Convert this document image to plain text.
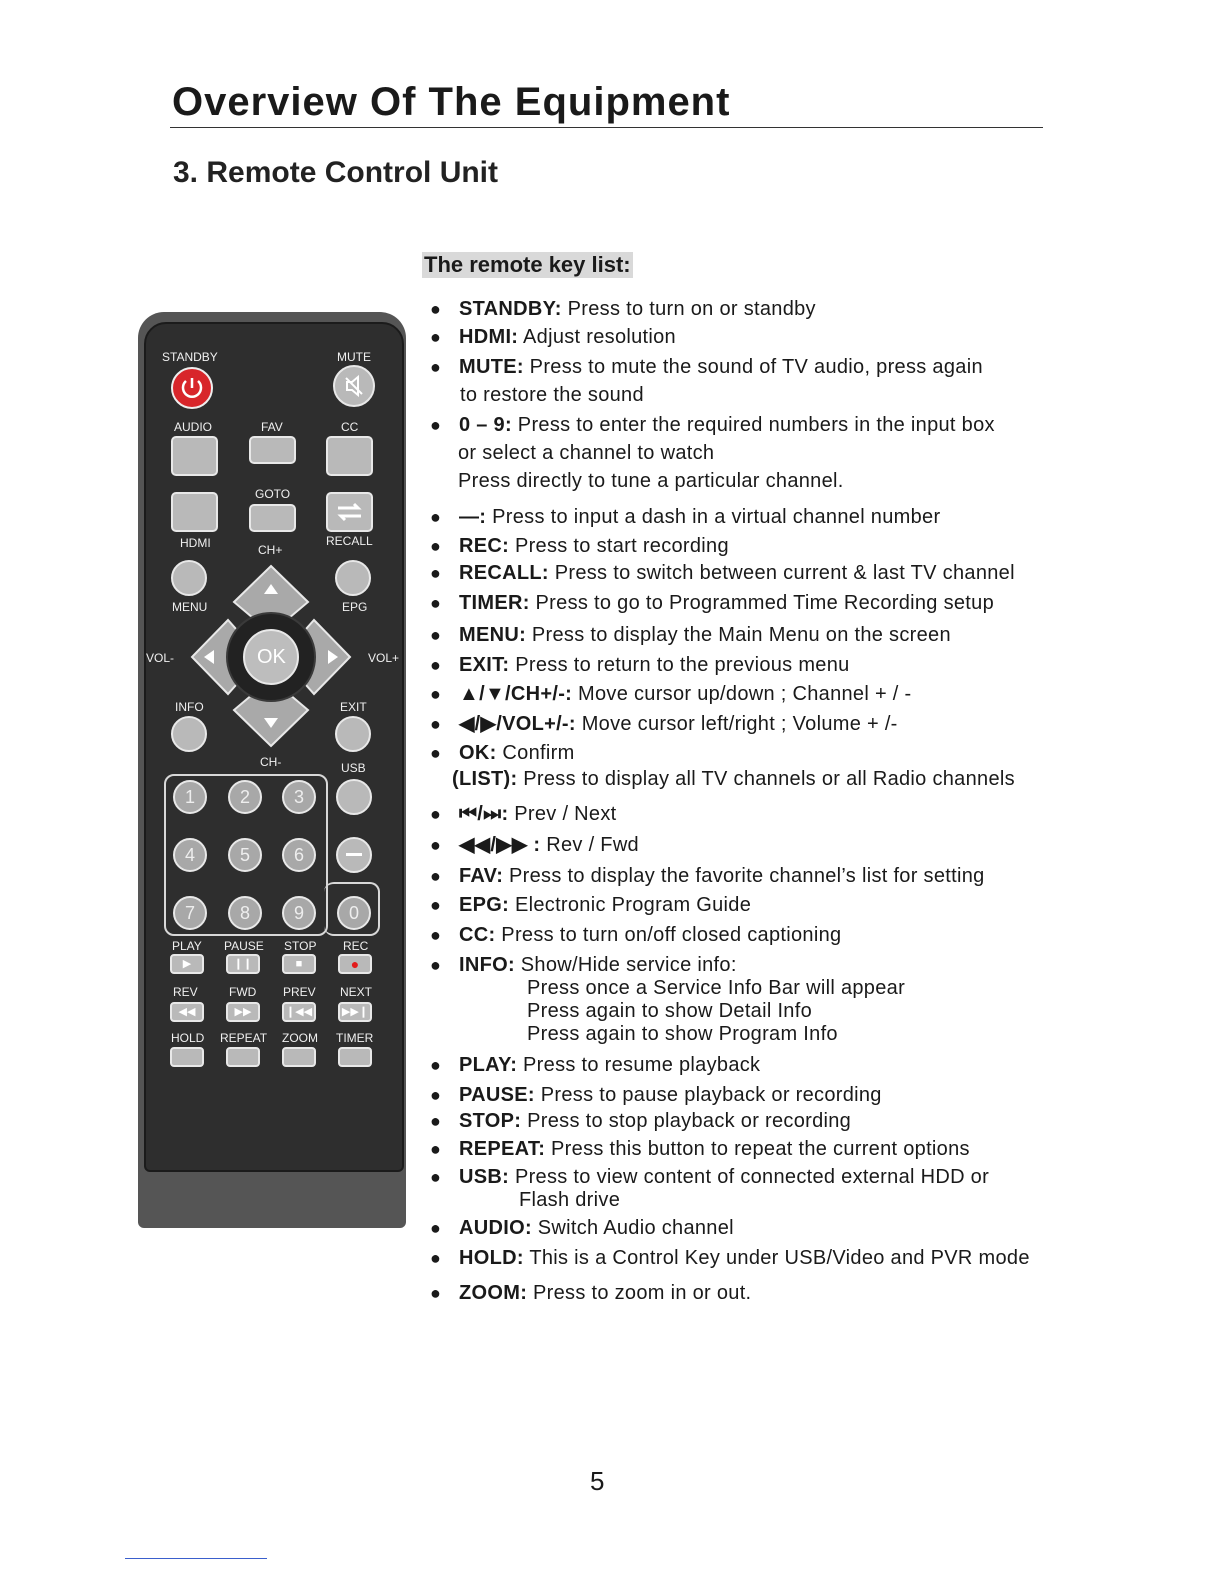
Overview Of The Equipment
3. Remote Control Unit
STANDBY	MUTE
AUDIO	FAV	CC
GOTO
HDMI	CH+
RECALL
MENU	EPG
OK
VOL-	VOL+
INFO	EXIT
CH-	USB
1	2	3
4	5	6
7	8	9	0
PLAY PAUSE STOP REC
▶	❙❙	■	●
REV	FWD PREV NEXT
◀◀	▶▶	❙◀◀	▶▶❙
HOLD REPEAT ZOOM TIMER
The remote key list:
● STANDBY: Press to turn on or standby
● HDMI: Adjust resolution
● MUTE: Press to mute the sound of TV audio, press again
to restore the sound
● 0 – 9: Press to enter the required numbers in the input box
or select a channel to watch
Press directly to tune a particular channel.
● —: Press to input a dash in a virtual channel number
● REC: Press to start recording
● RECALL: Press to switch between current & last TV channel
● TIMER: Press to go to Programmed Time Recording setup
● MENU: Press to display the Main Menu on the screen
● EXIT: Press to return to the previous menu
● ▲/▼/CH+/-: Move cursor up/down ; Channel + / -
● ◀/▶/VOL+/-: Move cursor left/right ; Volume + /-
● OK: Confirm
(LIST): Press to display all TV channels or all Radio channels
● ⏮/⏭: Prev / Next
● ◀◀/▶▶ : Rev / Fwd
● FAV: Press to display the favorite channel’s list for setting
● EPG: Electronic Program Guide
● CC: Press to turn on/off closed captioning
● INFO: Show/Hide service info:
Press once a Service Info Bar will appear
Press again to show Detail Info
Press again to show Program Info
● PLAY: Press to resume playback
● PAUSE: Press to pause playback or recording
● STOP: Press to stop playback or recording
● REPEAT: Press this button to repeat the current options
● USB: Press to view content of connected external HDD or
Flash drive
● AUDIO: Switch Audio channel
● HOLD: This is a Control Key under USB/Video and PVR mode
● ZOOM: Press to zoom in or out.
5
